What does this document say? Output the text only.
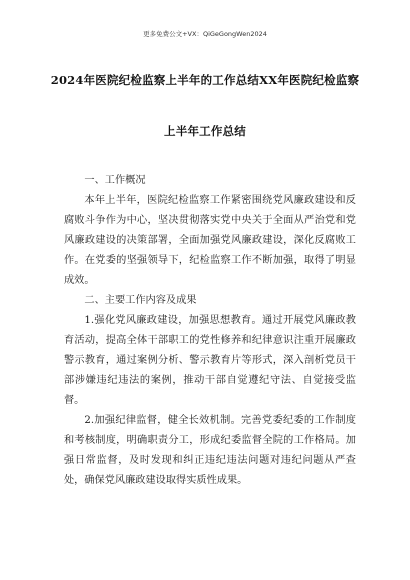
更多免费公文+VX：QiGeGongWen2024
2024年医院纪检监察上半年的工作总结XX年医院纪检监察
上半年工作总结

一、工作概况

本年上半年，医院纪检监察工作紧密围绕党风廉政建设和反腐败斗争作为中心，坚决贯彻落实党中央关于全面从严治党和党风廉政建设的决策部署，全面加强党风廉政建设，深化反腐败工作。在党委的坚强领导下，纪检监察工作不断加强，取得了明显成效。

二、主要工作内容及成果

1.强化党风廉政建设，加强思想教育。通过开展党风廉政教育活动，提高全体干部职工的党性修养和纪律意识注重开展廉政警示教育，通过案例分析、警示教育片等形式，深入剖析党员干部涉嫌违纪违法的案例，推动干部自觉遵纪守法、自觉接受监督。

2.加强纪律监督，健全长效机制。完善党委纪委的工作制度和考核制度，明确职责分工，形成纪委监督全院的工作格局。加强日常监督，及时发现和纠正违纪违法问题对违纪问题从严查处，确保党风廉政建设取得实质性成果。
